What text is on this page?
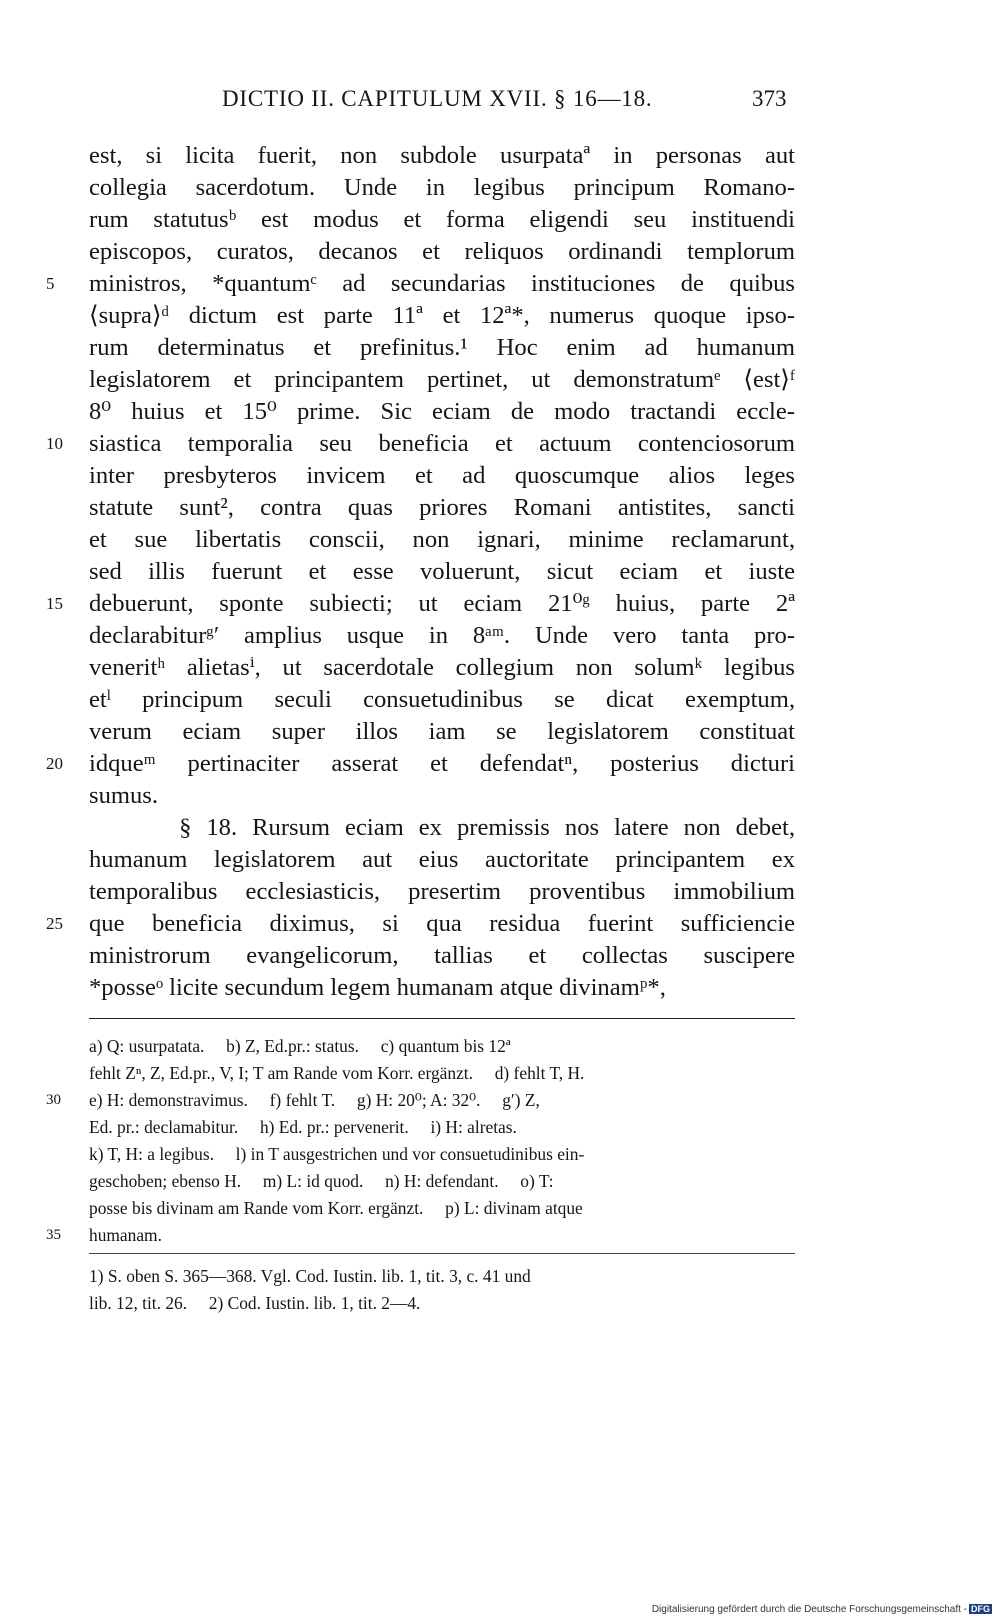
DICTIO II. CAPITULUM XVII. § 16—18.	373
est, si licita fuerit, non subdole usurpataª in personas aut
collegia sacerdotum. Unde in legibus principum Romano-
rum statutusᵇ est modus et forma eligendi seu instituendi
episcopos, curatos, decanos et reliquos ordinandi templorum
ministros, *quantumᶜ ad secundarias instituciones de quibus
⟨supra⟩ᵈ dictum est parte 11ª et 12ª*, numerus quoque ipso-
rum determinatus et prefinitus.¹ Hoc enim ad humanum
legislatorem et principantem pertinet, ut demonstratumᵉ ⟨est⟩ᶠ
8⁰ huius et 15⁰ prime. Sic eciam de modo tractandi eccle-
siastica temporalia seu beneficia et actuum contenciosorum
inter presbyteros invicem et ad quoscumque alios leges
statute sunt², contra quas priores Romani antistites, sancti
et sue libertatis conscii, non ignari, minime reclamarunt,
sed illis fuerunt et esse voluerunt, sicut eciam et iuste
debuerunt, sponte subiecti; ut eciam 21⁰ᵍ huius, parte 2ª
declarabiturᵍ′ amplius usque in 8ᵃᵐ. Unde vero tanta pro-
veneritʰ alietasⁱ, ut sacerdotale collegium non solumᵏ legibus
etˡ principum seculi consuetudinibus se dicat exemptum,
verum eciam super illos iam se legislatorem constituat
idqueᵐ pertinaciter asserat et defendatⁿ, posterius dicturi
sumus.
§ 18. Rursum eciam ex premissis nos latere non debet,
humanum legislatorem aut eius auctoritate principantem ex
temporalibus ecclesiasticis, presertim proventibus immobilium
que beneficia diximus, si qua residua fuerint sufficiencie
ministrorum evangelicorum, tallias et collectas suscipere
*posseᵒ licite secundum legem humanam atque divinamᵖ*,
5
10
15
20
25
a) Q: usurpatata.     b) Z, Ed.pr.: status.     c) quantum bis 12ª
fehlt Zⁿ, Z, Ed.pr., V, I; T am Rande vom Korr. ergänzt.     d) fehlt T, H.
e) H: demonstravimus.     f) fehlt T.     g) H: 20⁰; A: 32⁰.     g′) Z,
Ed. pr.: declamabitur.     h) Ed. pr.: pervenerit.     i) H: alretas.
k) T, H: a legibus.     l) in T ausgestrichen und vor consuetudinibus ein-
geschoben; ebenso H.     m) L: id quod.     n) H: defendant.     o) T:
posse bis divinam am Rande vom Korr. ergänzt.     p) L: divinam atque
humanam.
30
35
1) S. oben S. 365—368. Vgl. Cod. Iustin. lib. 1, tit. 3, c. 41 und
lib. 12, tit. 26.     2) Cod. Iustin. lib. 1, tit. 2—4.
Digitalisierung gefördert durch die Deutsche Forschungsgemeinschaft - DFG
